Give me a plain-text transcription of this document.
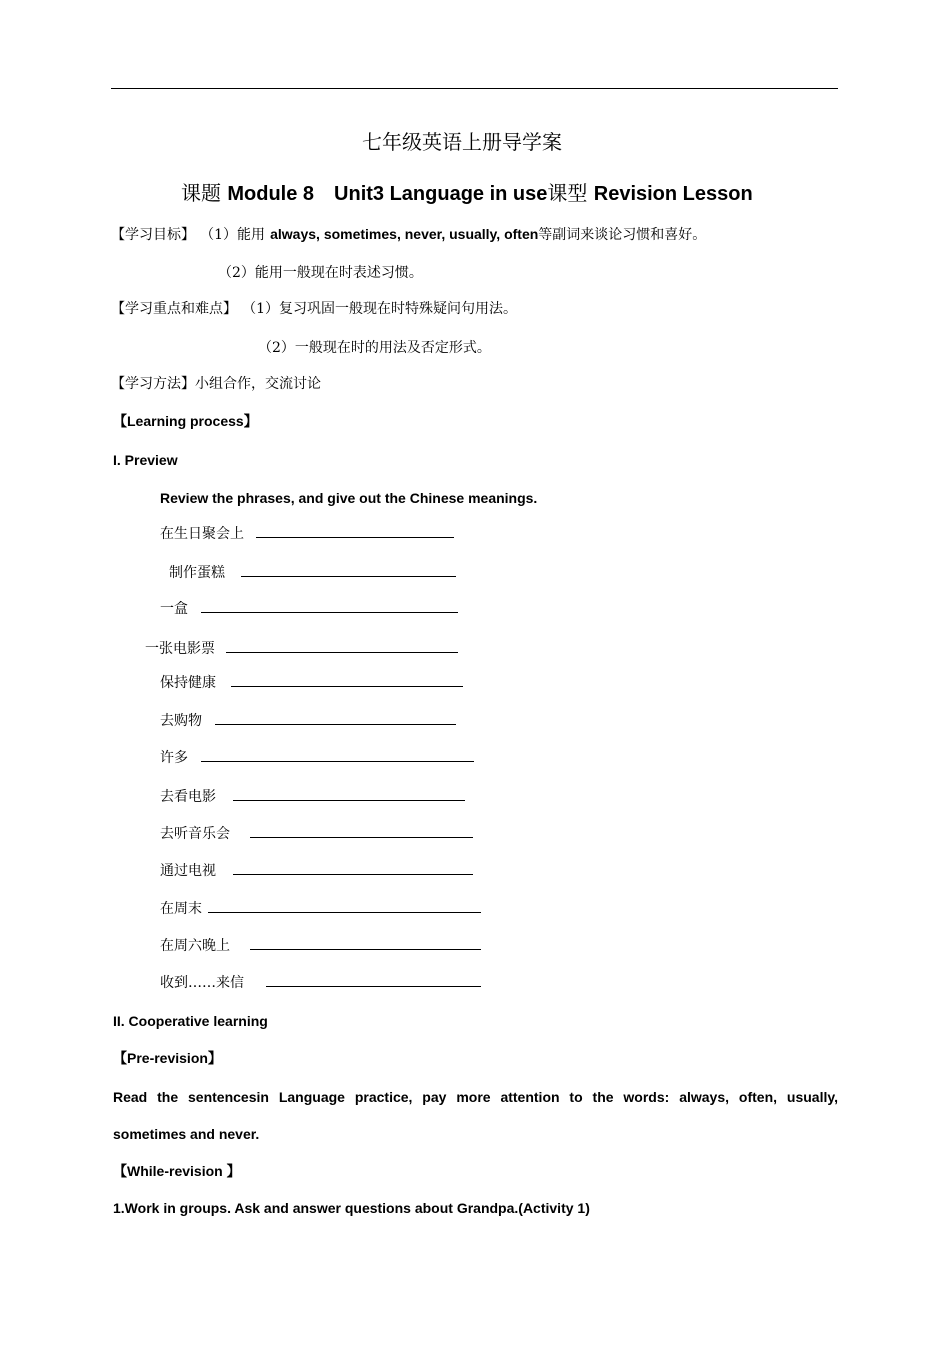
七年级英语上册导学案
课题 Module 8　Unit3 Language in use课型 Revision Lesson
【学习目标】 （1）能用 always, sometimes, never, usually, often等副词来谈论习惯和喜好。
（2）能用一般现在时表述习惯。
【学习重点和难点】 （1）复习巩固一般现在时特殊疑问句用法。
（2）一般现在时的用法及否定形式。
【学习方法】小组合作，交流讨论
【Learning process】
I. Preview
Review the phrases, and give out the Chinese meanings.
在生日聚会上
制作蛋糕
一盒
一张电影票
保持健康
去购物
许多
去看电影
去听音乐会
通过电视
在周末
在周六晚上
收到……来信
II. Cooperative learning
【Pre-revision】
Read the sentencesin Language practice, pay more attention to the words: always, often, usually,
sometimes and never.
【While-revision 】
1.Work in groups. Ask and answer questions about Grandpa.(Activity 1)
